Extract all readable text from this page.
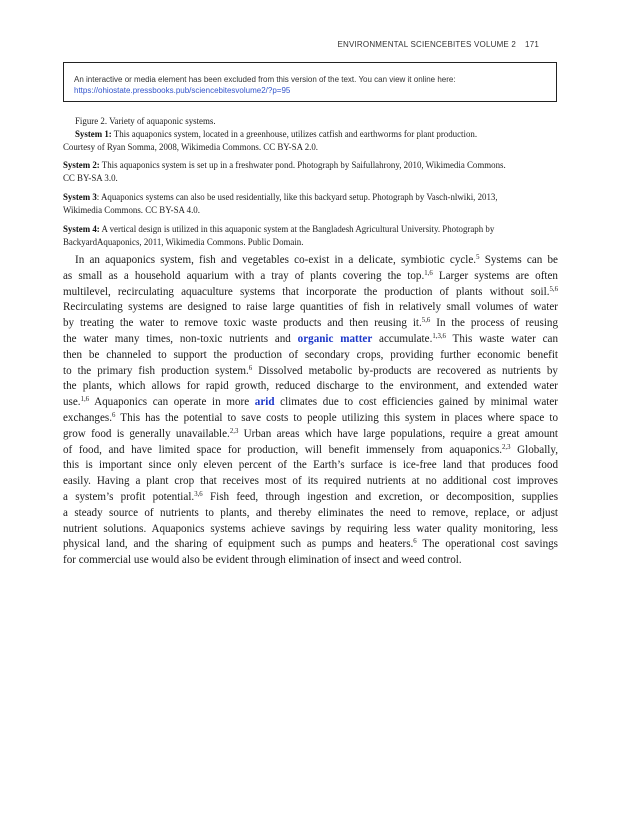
ENVIRONMENTAL SCIENCEBITES VOLUME 2 171
An interactive or media element has been excluded from this version of the text. You can view it online here:
https://ohiostate.pressbooks.pub/sciencebitesvolume2/?p=95
Figure 2. Variety of aquaponic systems.
System 1: This aquaponics system, located in a greenhouse, utilizes catfish and earthworms for plant production.
Courtesy of Ryan Somma, 2008, Wikimedia Commons. CC BY-SA 2.0.
System 2: This aquaponics system is set up in a freshwater pond. Photograph by Saifullahrony, 2010, Wikimedia Commons.
CC BY-SA 3.0.
System 3: Aquaponics systems can also be used residentially, like this backyard setup. Photograph by Vasch-nlwiki, 2013,
Wikimedia Commons. CC BY-SA 4.0.
System 4: A vertical design is utilized in this aquaponic system at the Bangladesh Agricultural University. Photograph by
BackyardAquaponics, 2011, Wikimedia Commons. Public Domain.
In an aquaponics system, fish and vegetables co-exist in a delicate, symbiotic cycle.$^5$ Systems can be
as small as a household aquarium with a tray of plants covering the top.$^{1,6}$ Larger systems are often
multilevel, recirculating aquaculture systems that incorporate the production of plants without soil.$^{5,6}$
Recirculating systems are designed to raise large quantities of fish in relatively small volumes of water
by treating the water to remove toxic waste products and then reusing it.$^{5,6}$ In the process of reusing
the water many times, non-toxic nutrients and organic matter accumulate.$^{1,3,6}$ This waste water can
then be channeled to support the production of secondary crops, providing further economic benefit
to the primary fish production system.$^6$ Dissolved metabolic by-products are recovered as nutrients by
the plants, which allows for rapid growth, reduced discharge to the environment, and extended water
use.$^{1,6}$ Aquaponics can operate in more arid climates due to cost efficiencies gained by minimal water
exchanges.$^6$ This has the potential to save costs to people utilizing this system in places where space to
grow food is generally unavailable.$^{2,3}$ Urban areas which have large populations, require a great amount
of food, and have limited space for production, will benefit immensely from aquaponics.$^{2,3}$ Globally,
this is important since only eleven percent of the Earth’s surface is ice-free land that produces food
easily. Having a plant crop that receives most of its required nutrients at no additional cost improves
a system’s profit potential.$^{3,6}$ Fish feed, through ingestion and excretion, or decomposition, supplies
a steady source of nutrients to plants, and thereby eliminates the need to remove, replace, or adjust
nutrient solutions. Aquaponics systems achieve savings by requiring less water quality monitoring, less
physical land, and the sharing of equipment such as pumps and heaters.$^6$ The operational cost savings
for commercial use would also be evident through elimination of insect and weed control.
